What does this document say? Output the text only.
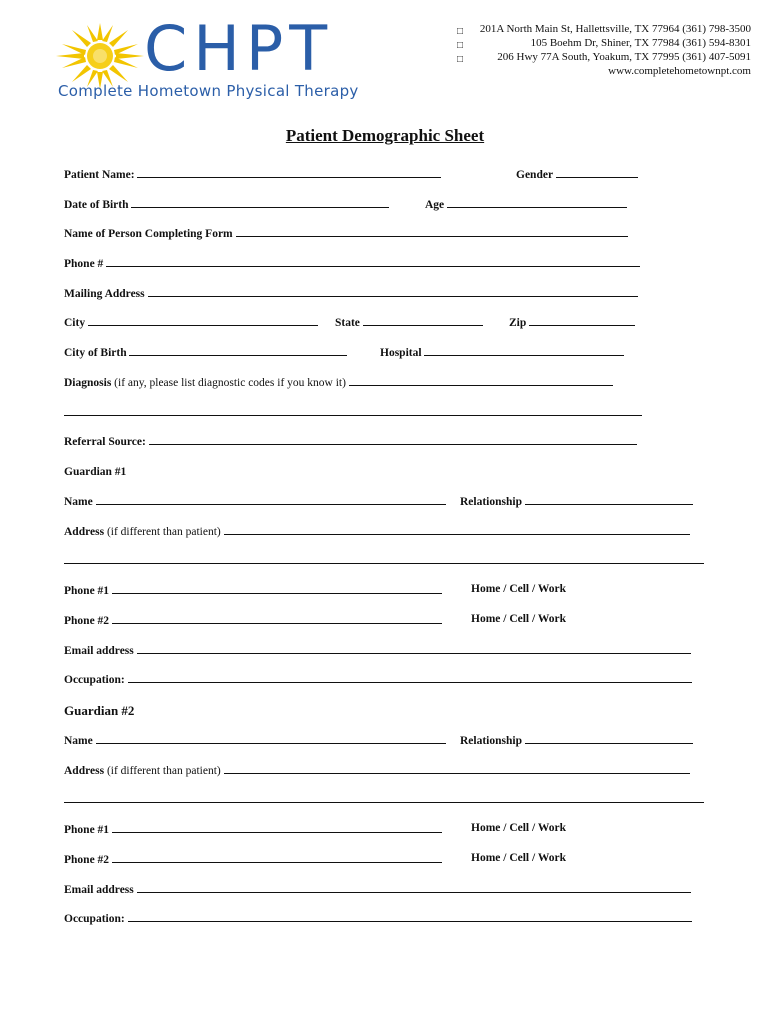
CHPT
Complete Hometown Physical Therapy
□
□
□
201A North Main St, Hallettsville, TX 77964 (361) 798-3500
105 Boehm Dr, Shiner, TX 77984 (361) 594-8301
206 Hwy 77A South, Yoakum, TX 77995 (361) 407-5091
www.completehometownpt.com
Patient Demographic Sheet
Patient Name:	Gender
Date of Birth	Age
Name of Person Completing Form
Phone #
Mailing Address
City	State	Zip
City of Birth	Hospital
Diagnosis (if any, please list diagnostic codes if you know it)
Referral Source:
Guardian #1
Name	Relationship
Address (if different than patient)
Phone #1	Home / Cell / Work
Phone #2	Home / Cell / Work
Email address
Occupation:
Guardian #2
Name	Relationship
Address (if different than patient)
Phone #1	Home / Cell / Work
Phone #2	Home / Cell / Work
Email address
Occupation:
